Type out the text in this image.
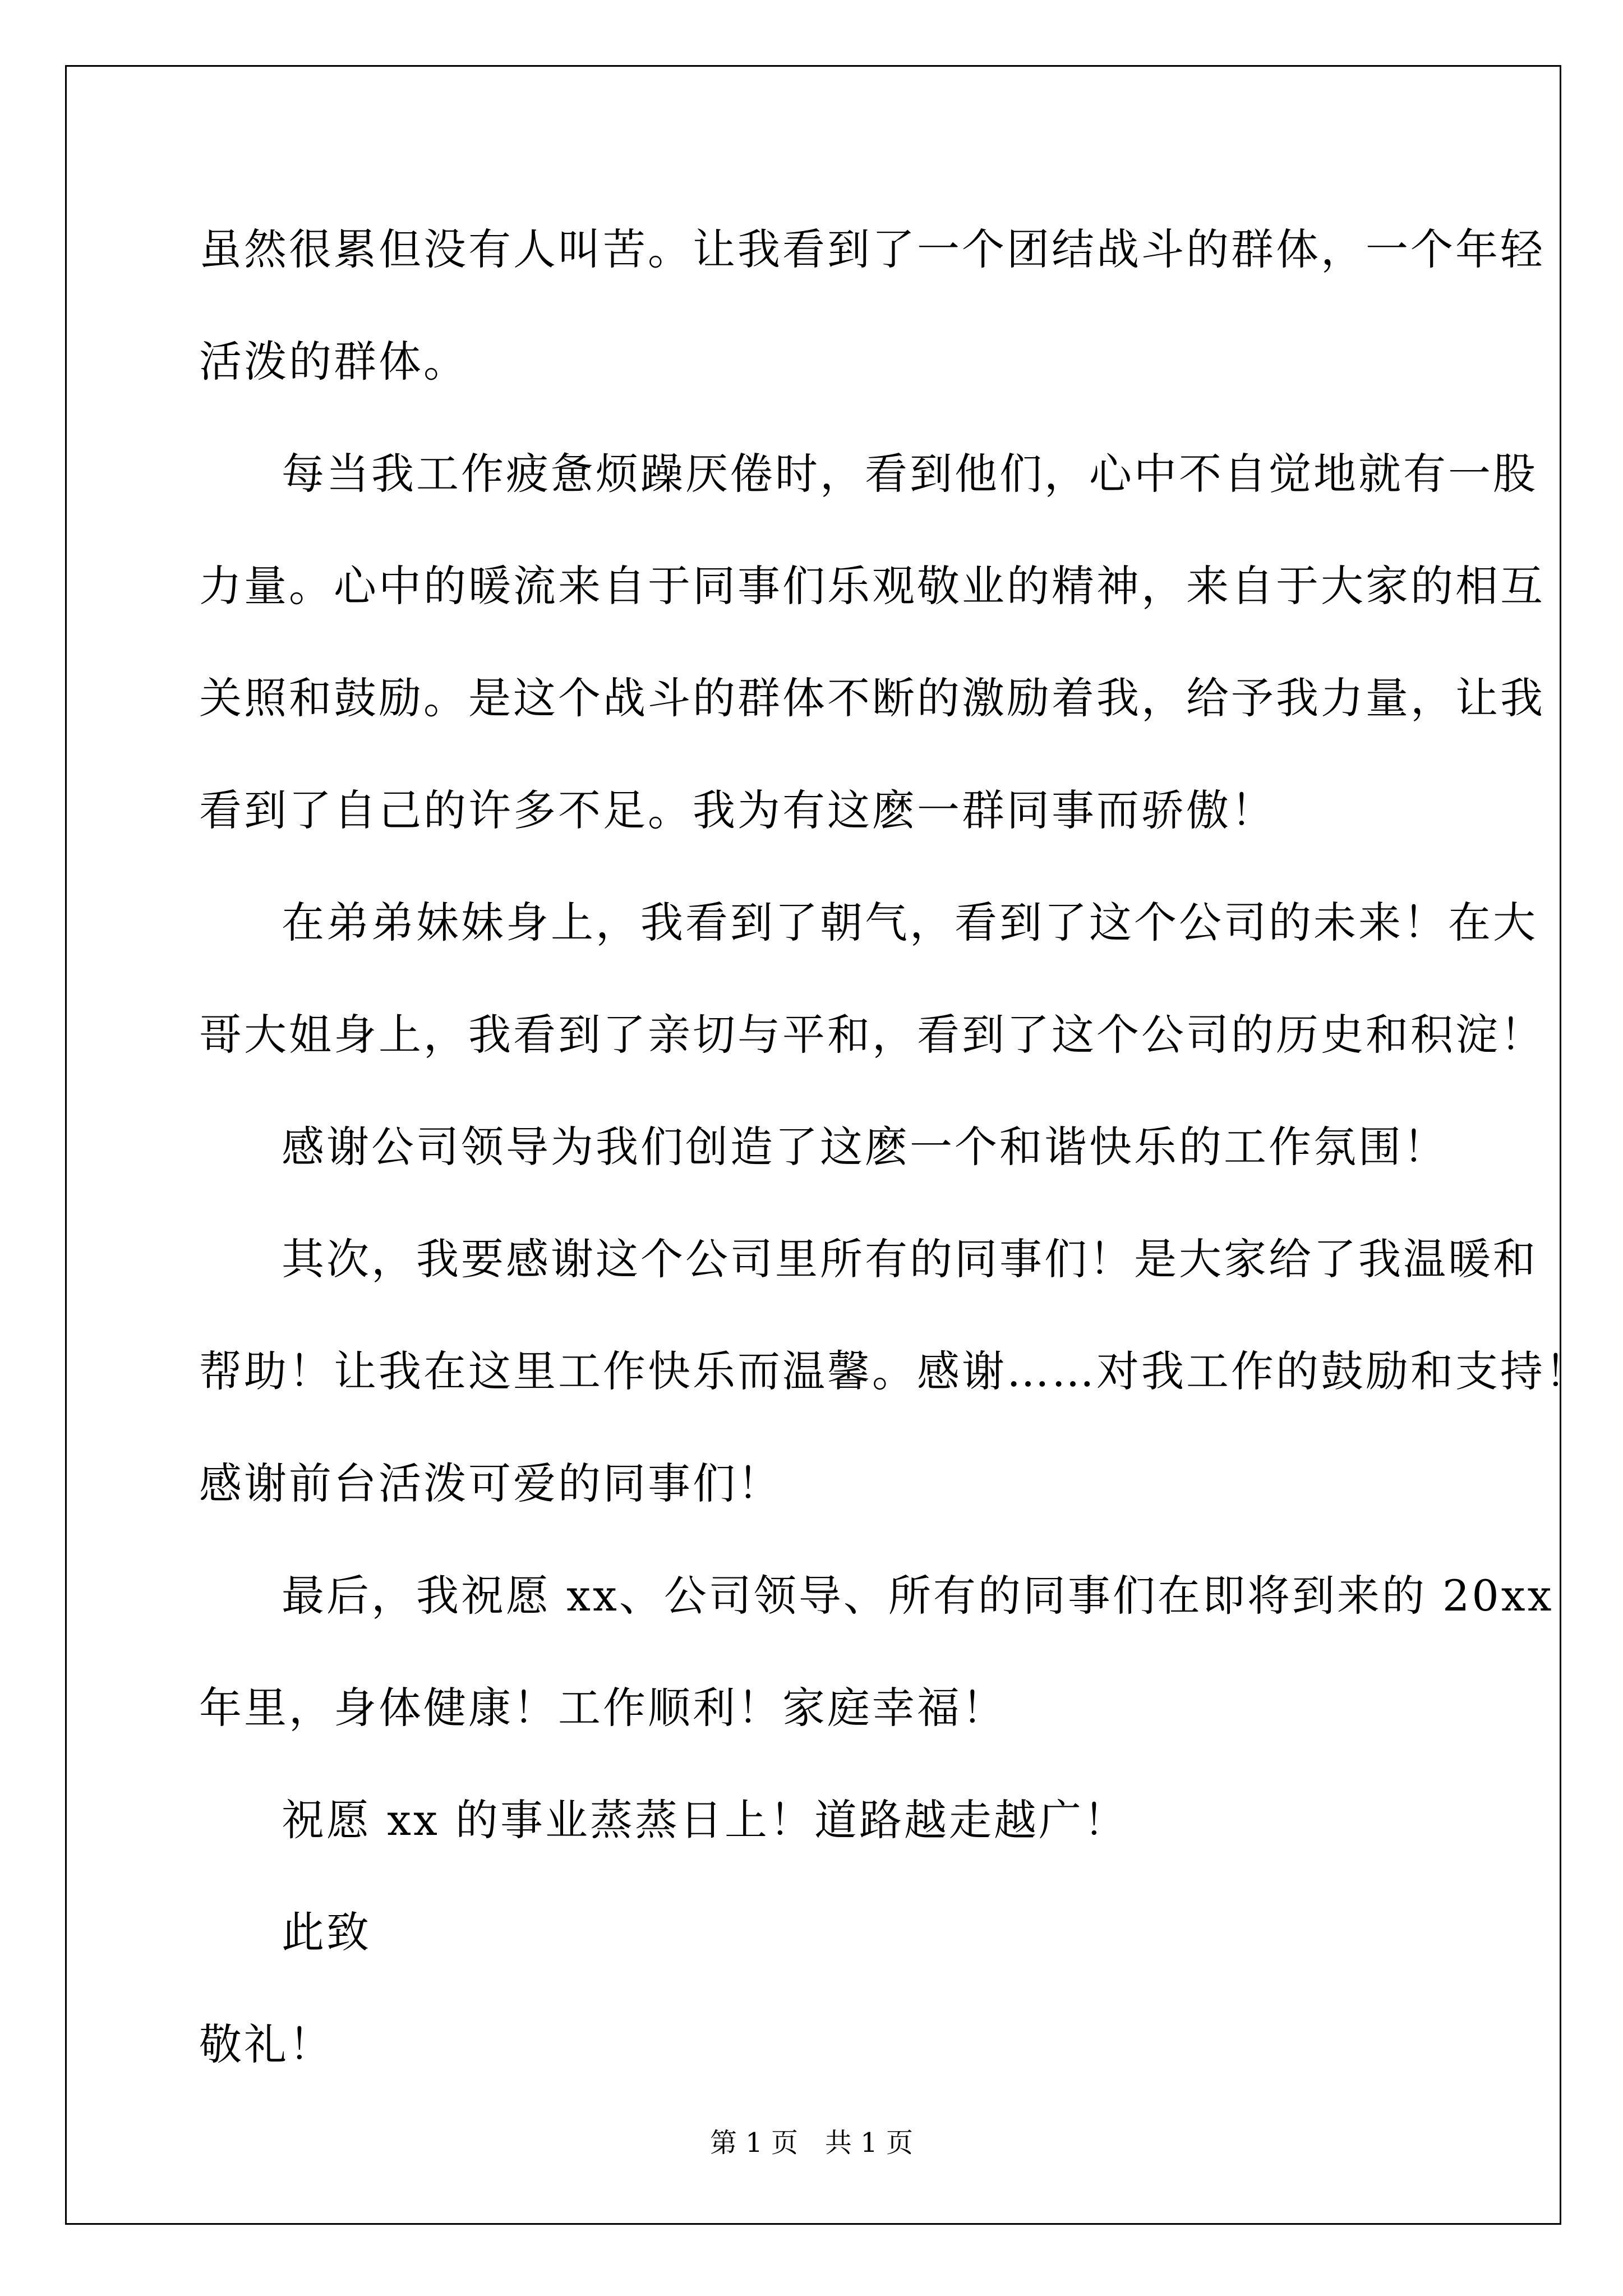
虽然很累但没有人叫苦。让我看到了一个团结战斗的群体，一个年轻
活泼的群体。
每当我工作疲惫烦躁厌倦时，看到他们，心中不自觉地就有一股
力量。心中的暖流来自于同事们乐观敬业的精神，来自于大家的相互
关照和鼓励。是这个战斗的群体不断的激励着我，给予我力量，让我
看到了自己的许多不足。我为有这麽一群同事而骄傲！
在弟弟妹妹身上，我看到了朝气，看到了这个公司的未来！在大
哥大姐身上，我看到了亲切与平和，看到了这个公司的历史和积淀！
感谢公司领导为我们创造了这麽一个和谐快乐的工作氛围！
其次，我要感谢这个公司里所有的同事们！是大家给了我温暖和
帮助！让我在这里工作快乐而温馨。感谢……对我工作的鼓励和支持！
感谢前台活泼可爱的同事们！
最后，我祝愿 xx、公司领导、所有的同事们在即将到来的 20xx
年里，身体健康！工作顺利！家庭幸福！
祝愿 xx 的事业蒸蒸日上！道路越走越广！
此致
敬礼！
第 1 页 共 1 页
